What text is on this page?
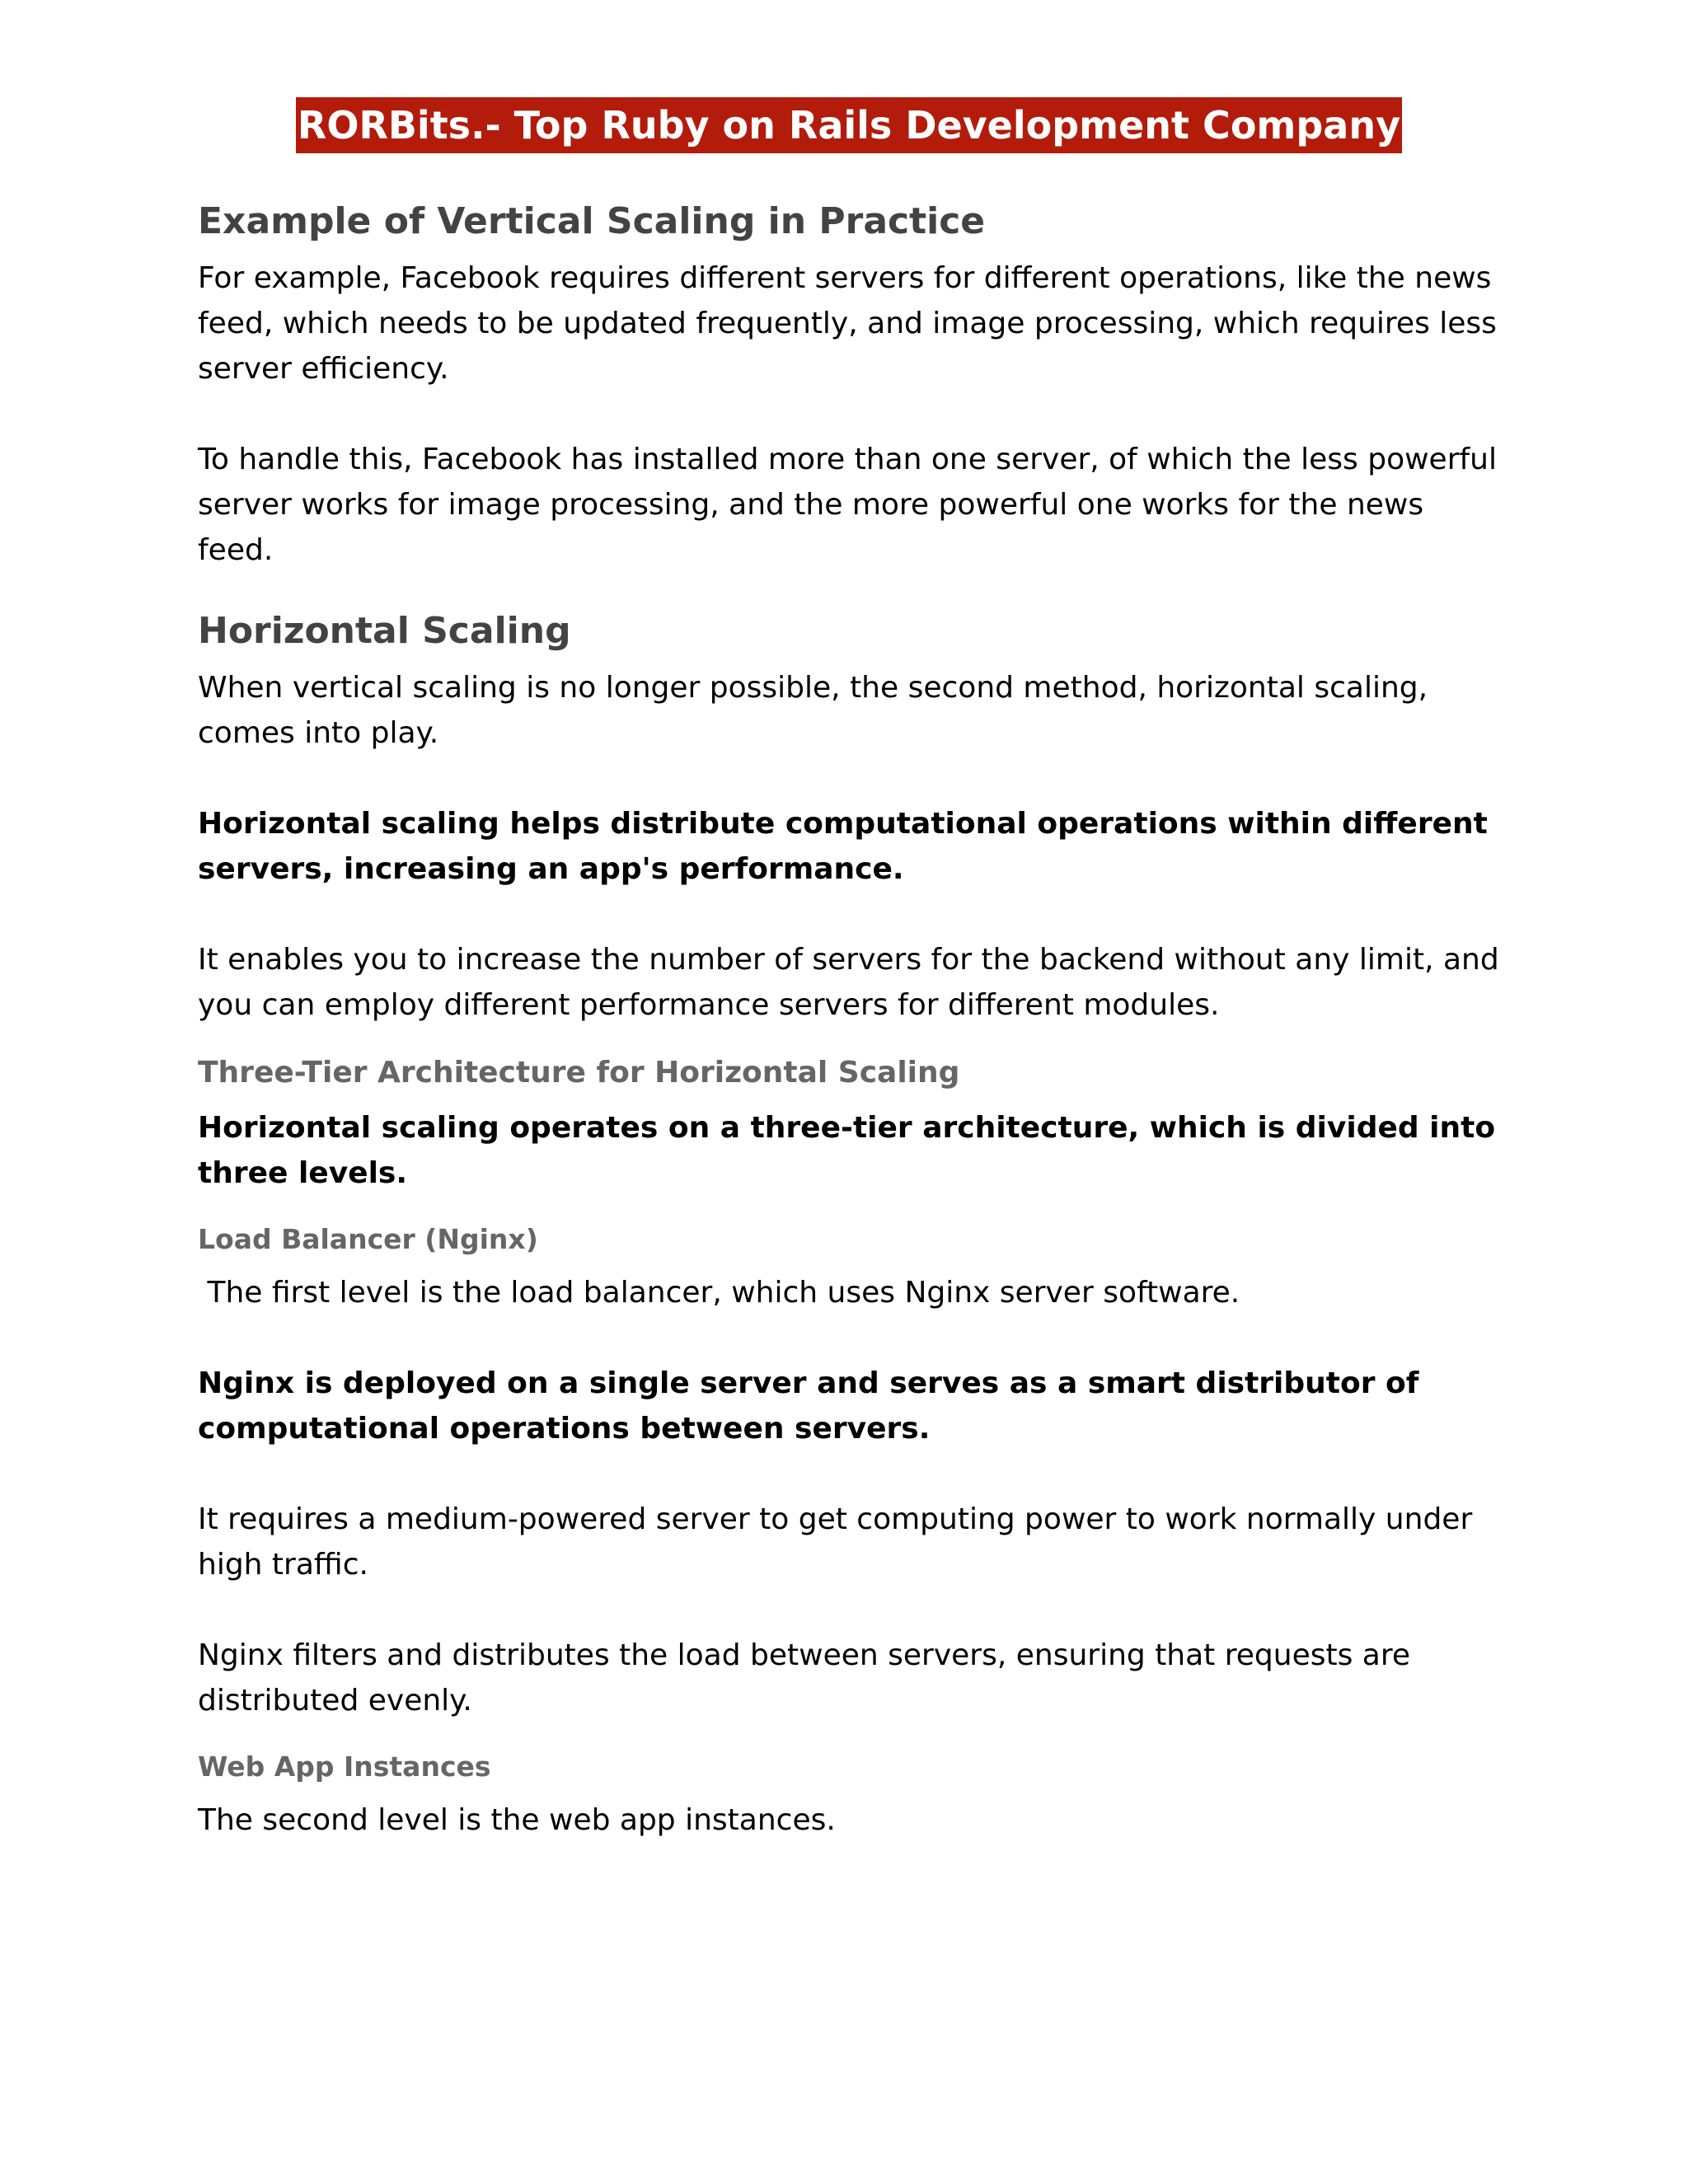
RORBits.- Top Ruby on Rails Development Company
Example of Vertical Scaling in Practice

For example, Facebook requires different servers for different operations, like the news feed, which needs to be updated frequently, and image processing, which requires less server efficiency.

To handle this, Facebook has installed more than one server, of which the less powerful server works for image processing, and the more powerful one works for the news feed.

Horizontal Scaling

When vertical scaling is no longer possible, the second method, horizontal scaling, comes into play.

Horizontal scaling helps distribute computational operations within different servers, increasing an app's performance.

It enables you to increase the number of servers for the backend without any limit, and you can employ different performance servers for different modules.

Three-Tier Architecture for Horizontal Scaling

Horizontal scaling operates on a three-tier architecture, which is divided into three levels.

Load Balancer (Nginx)

The first level is the load balancer, which uses Nginx server software.

Nginx is deployed on a single server and serves as a smart distributor of computational operations between servers.

It requires a medium-powered server to get computing power to work normally under high traffic.

Nginx filters and distributes the load between servers, ensuring that requests are distributed evenly.

Web App Instances

The second level is the web app instances.
